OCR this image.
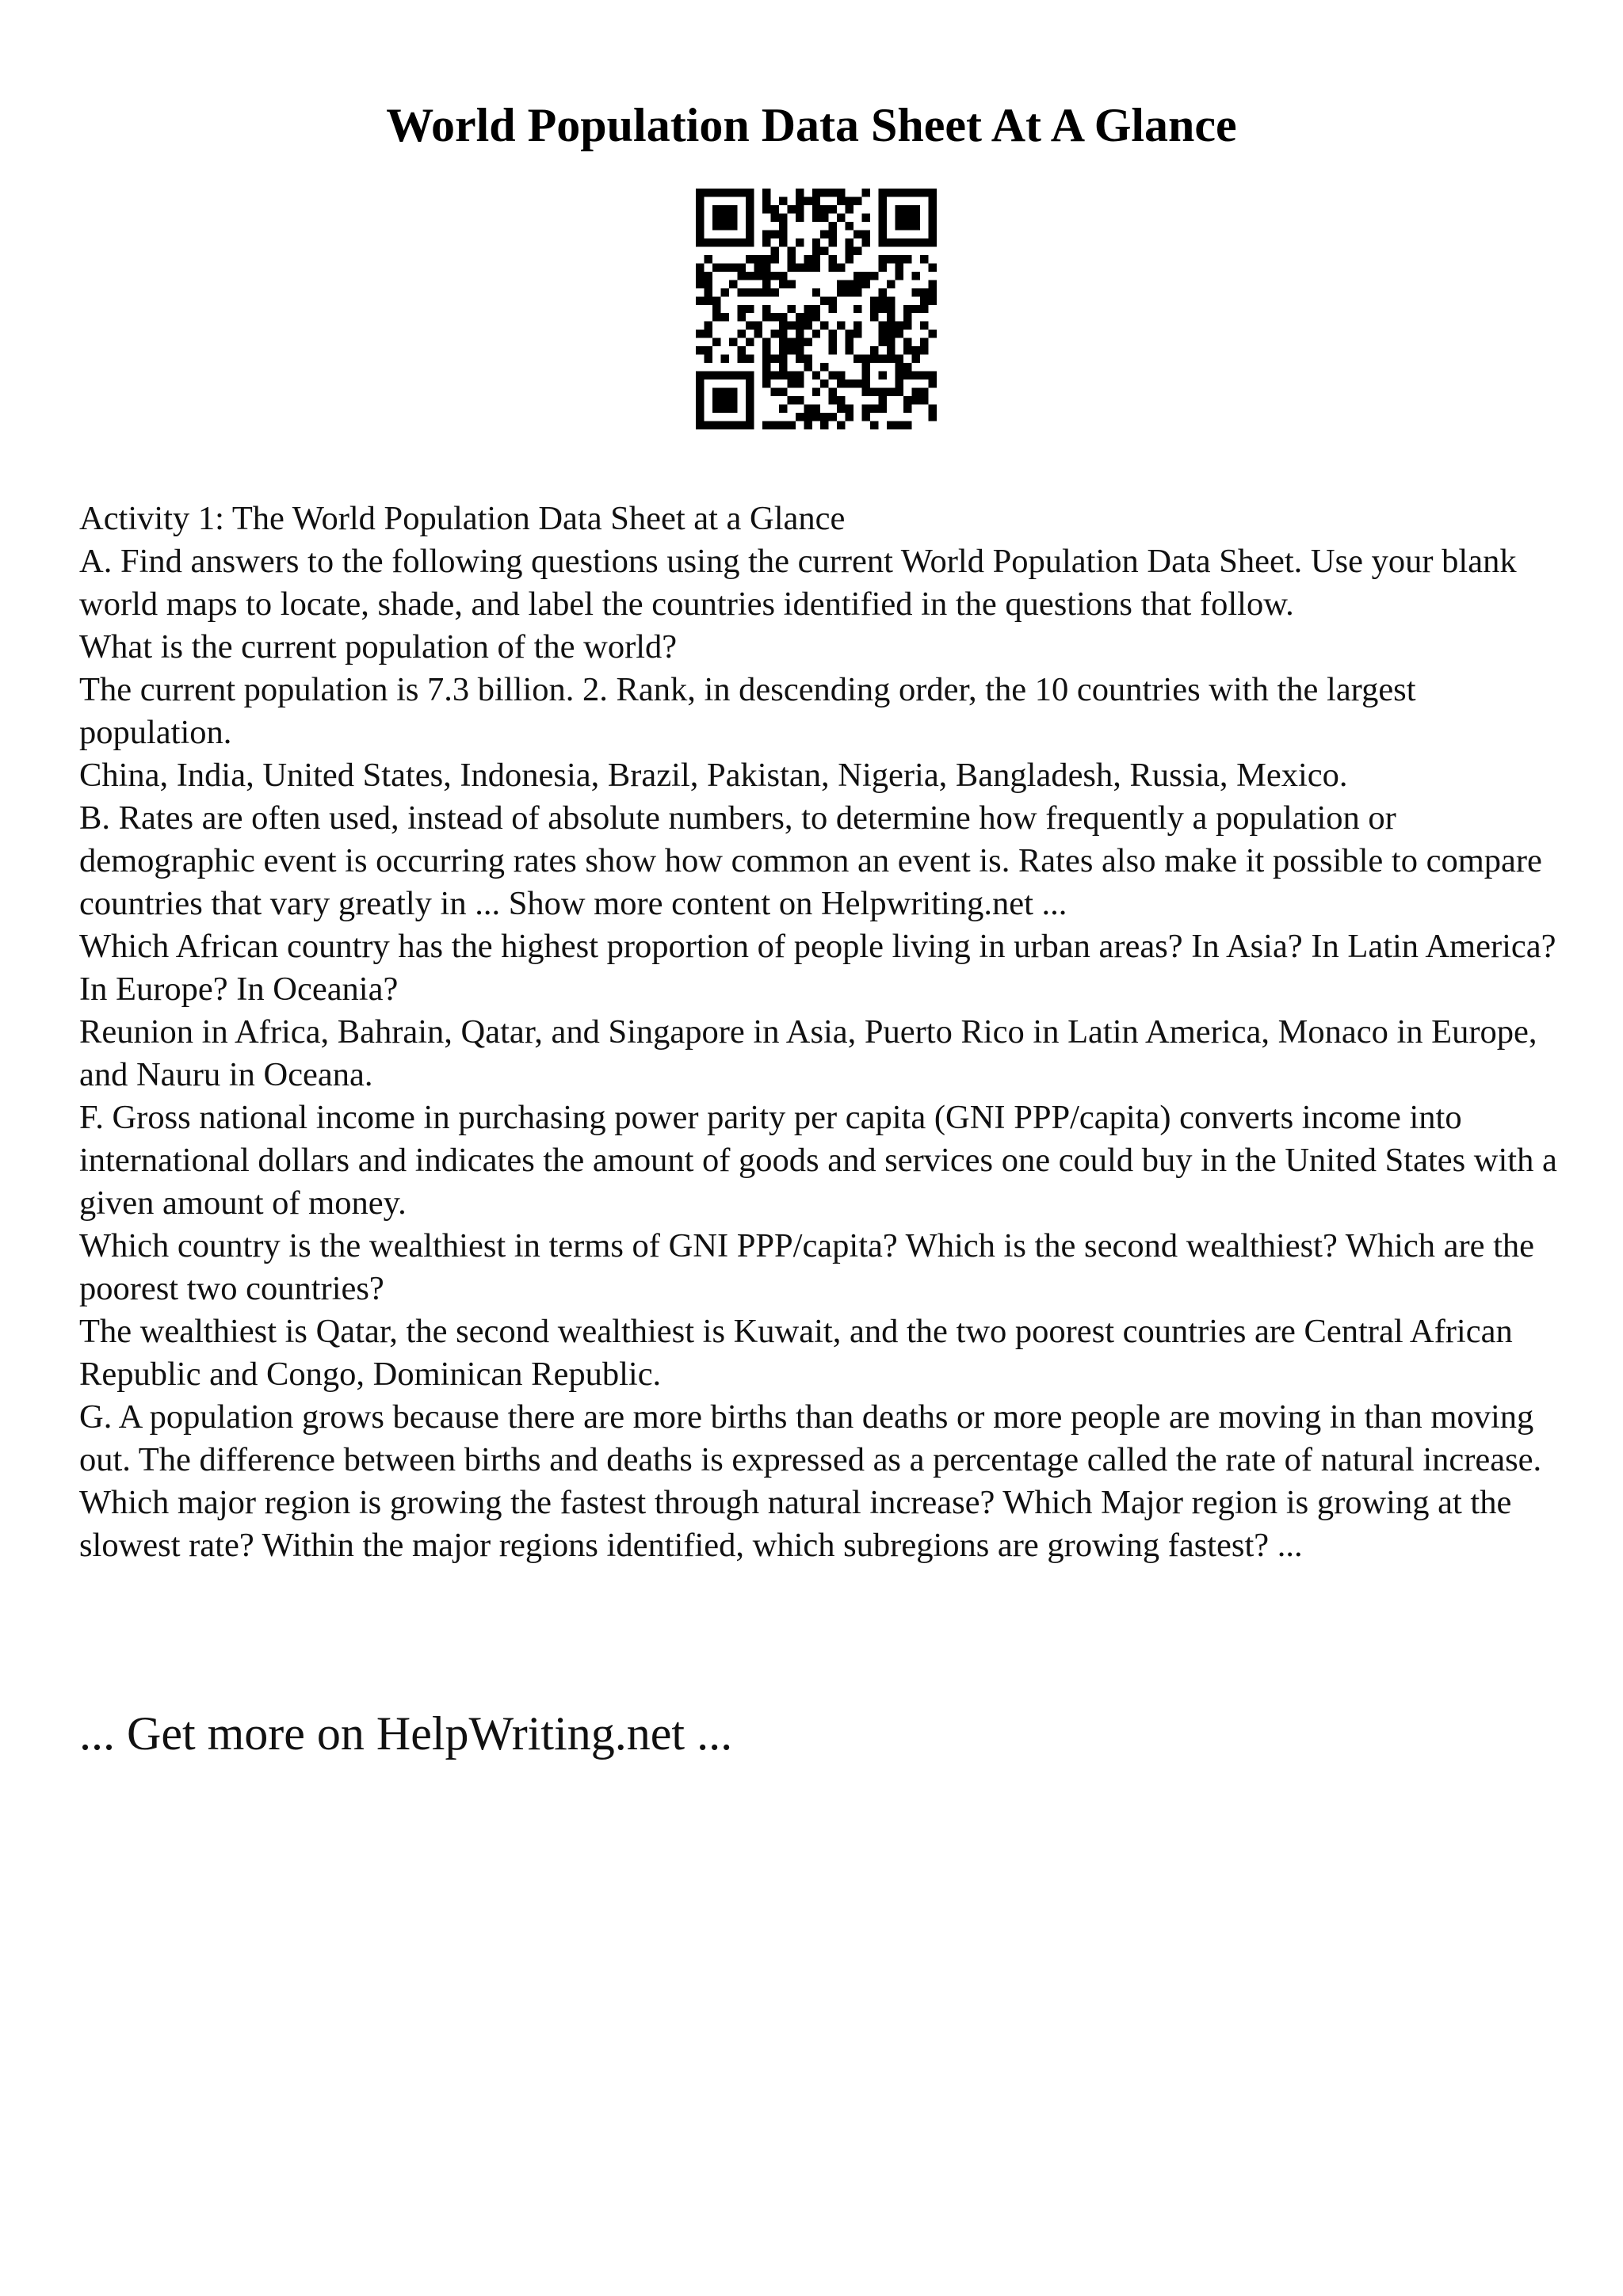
World Population Data Sheet At A Glance

Activity 1: The World Population Data Sheet at a Glance

A. Find answers to the following questions using the current World Population Data Sheet. Use your blank world maps to locate, shade, and label the countries identified in the questions that follow.

What is the current population of the world?

The current population is 7.3 billion. 2. Rank, in descending order, the 10 countries with the largest population.

China, India, United States, Indonesia, Brazil, Pakistan, Nigeria, Bangladesh, Russia, Mexico.

B. Rates are often used, instead of absolute numbers, to determine how frequently a population or demographic event is occurring rates show how common an event is. Rates also make it possible to compare countries that vary greatly in ... Show more content on Helpwriting.net ...

Which African country has the highest proportion of people living in urban areas? In Asia? In Latin America? In Europe? In Oceania?

Reunion in Africa, Bahrain, Qatar, and Singapore in Asia, Puerto Rico in Latin America, Monaco in Europe, and Nauru in Oceana.

F. Gross national income in purchasing power parity per capita (GNI PPP/capita) converts income into international dollars and indicates the amount of goods and services one could buy in the United States with a given amount of money.

Which country is the wealthiest in terms of GNI PPP/capita? Which is the second wealthiest? Which are the poorest two countries?

The wealthiest is Qatar, the second wealthiest is Kuwait, and the two poorest countries are Central African Republic and Congo, Dominican Republic.

G. A population grows because there are more births than deaths or more people are moving in than moving out. The difference between births and deaths is expressed as a percentage called the rate of natural increase.

Which major region is growing the fastest through natural increase? Which Major region is growing at the slowest rate? Within the major regions identified, which subregions are growing fastest? ...

... Get more on HelpWriting.net ...
